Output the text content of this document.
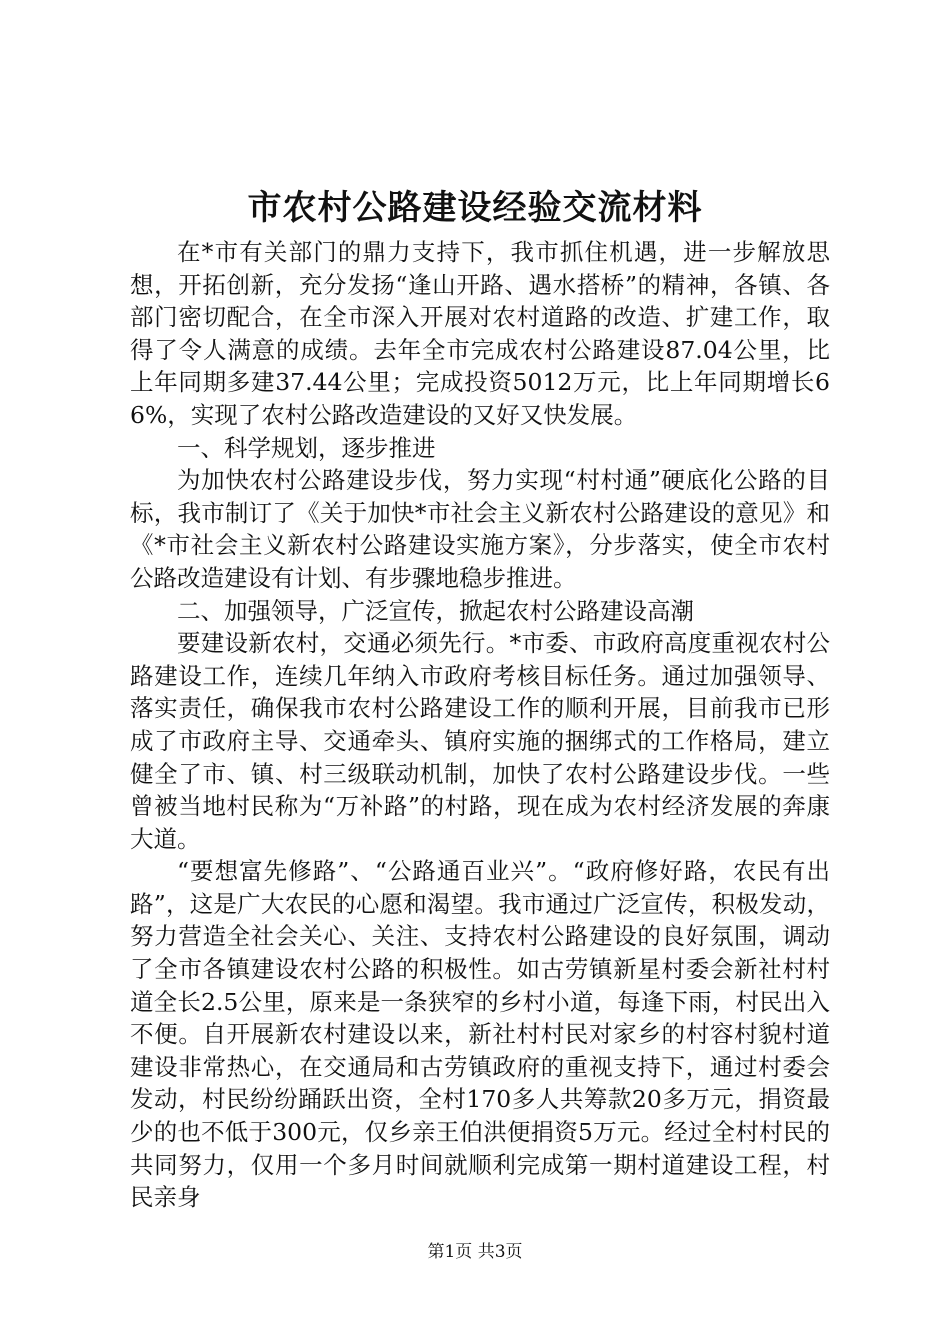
市农村公路建设经验交流材料

在*市有关部门的鼎力支持下，我市抓住机遇，进一步解放思想，开拓创新，充分发扬“逢山开路、遇水搭桥”的精神，各镇、各部门密切配合，在全市深入开展对农村道路的改造、扩建工作，取得了令人满意的成绩。去年全市完成农村公路建设87.04公里，比上年同期多建37.44公里；完成投资5012万元，比上年同期增长66%，实现了农村公路改造建设的又好又快发展。

一、科学规划，逐步推进

为加快农村公路建设步伐，努力实现“村村通”硬底化公路的目标，我市制订了《关于加快*市社会主义新农村公路建设的意见》和《*市社会主义新农村公路建设实施方案》，分步落实，使全市农村公路改造建设有计划、有步骤地稳步推进。

二、加强领导，广泛宣传，掀起农村公路建设高潮

要建设新农村，交通必须先行。*市委、市政府高度重视农村公路建设工作，连续几年纳入市政府考核目标任务。通过加强领导、落实责任，确保我市农村公路建设工作的顺利开展，目前我市已形成了市政府主导、交通牵头、镇府实施的捆绑式的工作格局，建立健全了市、镇、村三级联动机制，加快了农村公路建设步伐。一些曾被当地村民称为“万补路”的村路，现在成为农村经济发展的奔康大道。

“要想富先修路”、“公路通百业兴”。“政府修好路，农民有出路”，这是广大农民的心愿和渴望。我市通过广泛宣传，积极发动，努力营造全社会关心、关注、支持农村公路建设的良好氛围，调动了全市各镇建设农村公路的积极性。如古劳镇新星村委会新社村村道全长2.5公里，原来是一条狭窄的乡村小道，每逢下雨，村民出入不便。自开展新农村建设以来，新社村村民对家乡的村容村貌村道建设非常热心，在交通局和古劳镇政府的重视支持下，通过村委会发动，村民纷纷踊跃出资，全村170多人共筹款20多万元，捐资最少的也不低于300元，仅乡亲王伯洪便捐资5万元。经过全村村民的共同努力，仅用一个多月时间就顺利完成第一期村道建设工程，村民亲身

第1页 共3页
